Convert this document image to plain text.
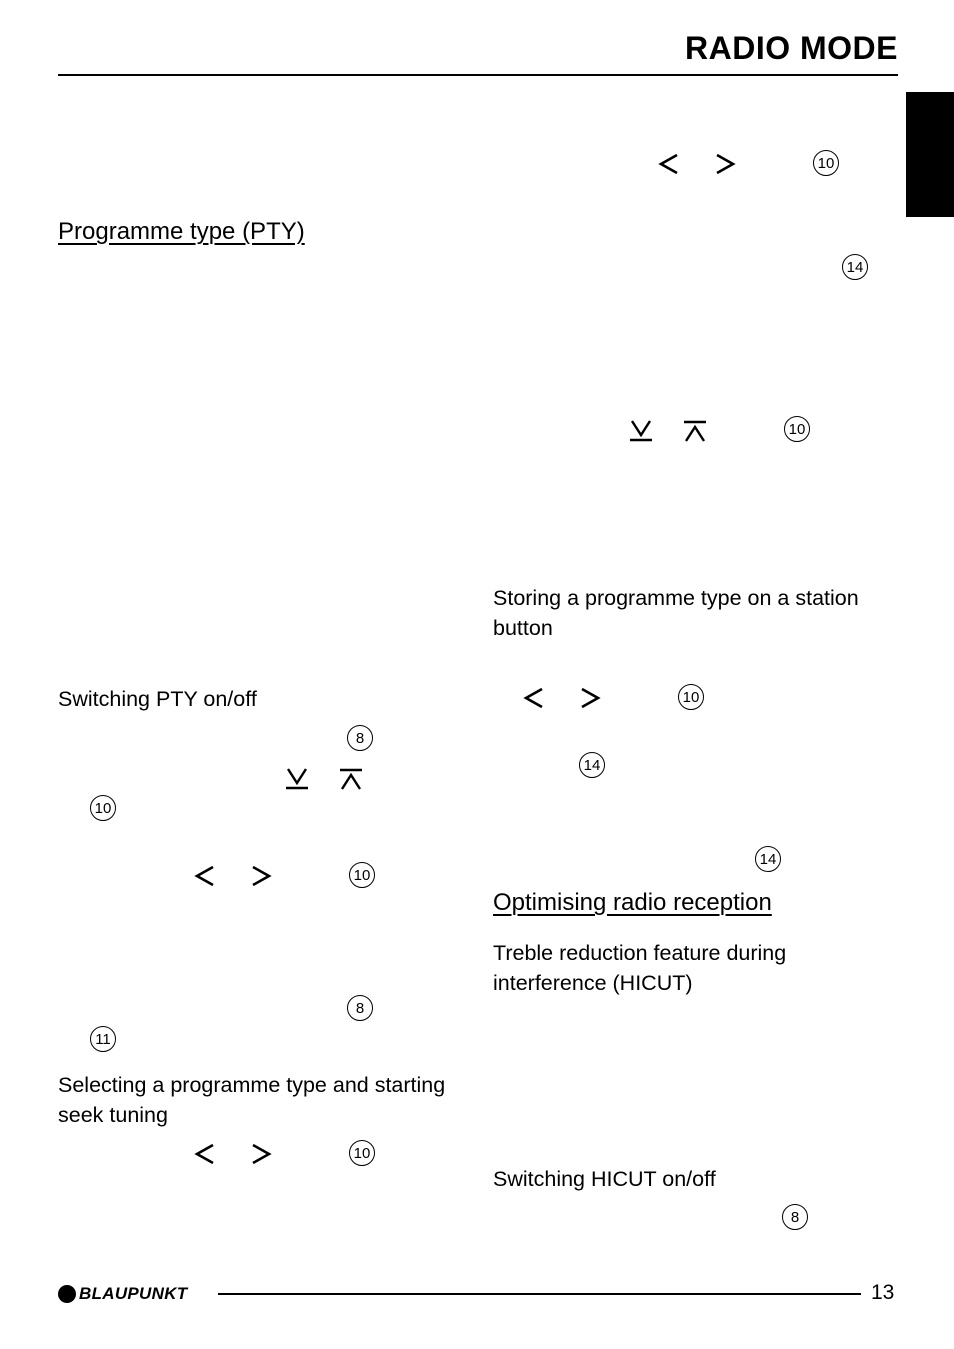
RADIO MODE
Programme type (PTY)
Switching PTY on/off
8
10
10
8
11
Selecting a programme type and starting seek tuning
10
10
14
10
Storing a programme type on a station button
10
14
14
Optimising radio reception
Treble reduction feature during interference (HICUT)
Switching HICUT on/off
8
BLAUPUNKT	13
